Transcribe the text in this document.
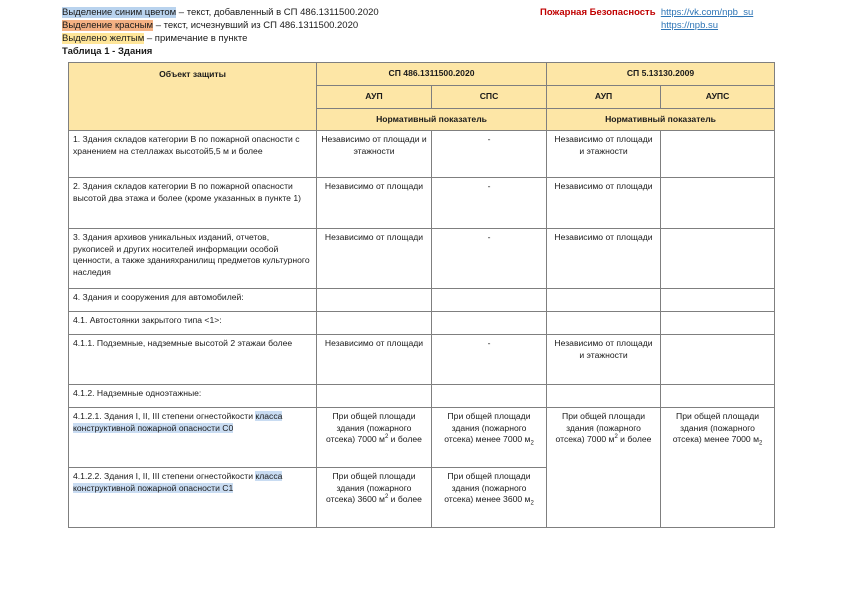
Выделение синим цветом – текст, добавленный в СП 486.1311500.2020
Выделение красным – текст, исчезнувший из СП 486.1311500.2020
Выделено желтым – примечание в пункте
Пожарная Безопасность https://vk.com/npb_su
https://npb.su
Таблица 1 - Здания
Объект защиты	СП 486.1311500.2020		СП 5.13130.2009	
	АУП	СПС	АУП	АУПС
	Нормативный показатель		Нормативный показатель	
1. Здания складов категории В по пожарной опасности с хранением на стеллажах высотой5,5 м и более	Независимо от площади и этажности	-	Независимо от площади и этажности	
2. Здания складов категории В по пожарной опасности высотой два этажа и более (кроме указанных в пункте 1)	Независимо от площади	-	Независимо от площади	
3. Здания архивов уникальных изданий, отчетов, рукописей и других носителей информации особой ценности, а также зданияхранилищ предметов культурного наследия	Независимо от площади	-	Независимо от площади	
4. Здания и сооружения для автомобилей:				
4.1. Автостоянки закрытого типа <1>:				
4.1.1. Подземные, надземные высотой 2 этажаи более	Независимо от площади	-	Независимо от площади и этажности	
4.1.2. Надземные одноэтажные:				
4.1.2.1. Здания I, II, III степени огнестойкости класса конструктивной пожарной опасности С0	При общей площади здания (пожарного отсека) 7000 $м^2$ и более	При общей площади здания (пожарного отсека) менее 7000 $м_2$	При общей площади здания (пожарного отсека) 7000 $м^2$ и более	При общей площади здания (пожарного отсека) менее 7000 $м_2$
4.1.2.2. Здания I, II, III степени огнестойкости класса конструктивной пожарной опасности С1	При общей площади здания (пожарного отсека) 3600 $м^2$ и более	При общей площади здания (пожарного отсека) менее 3600 $м_2$
